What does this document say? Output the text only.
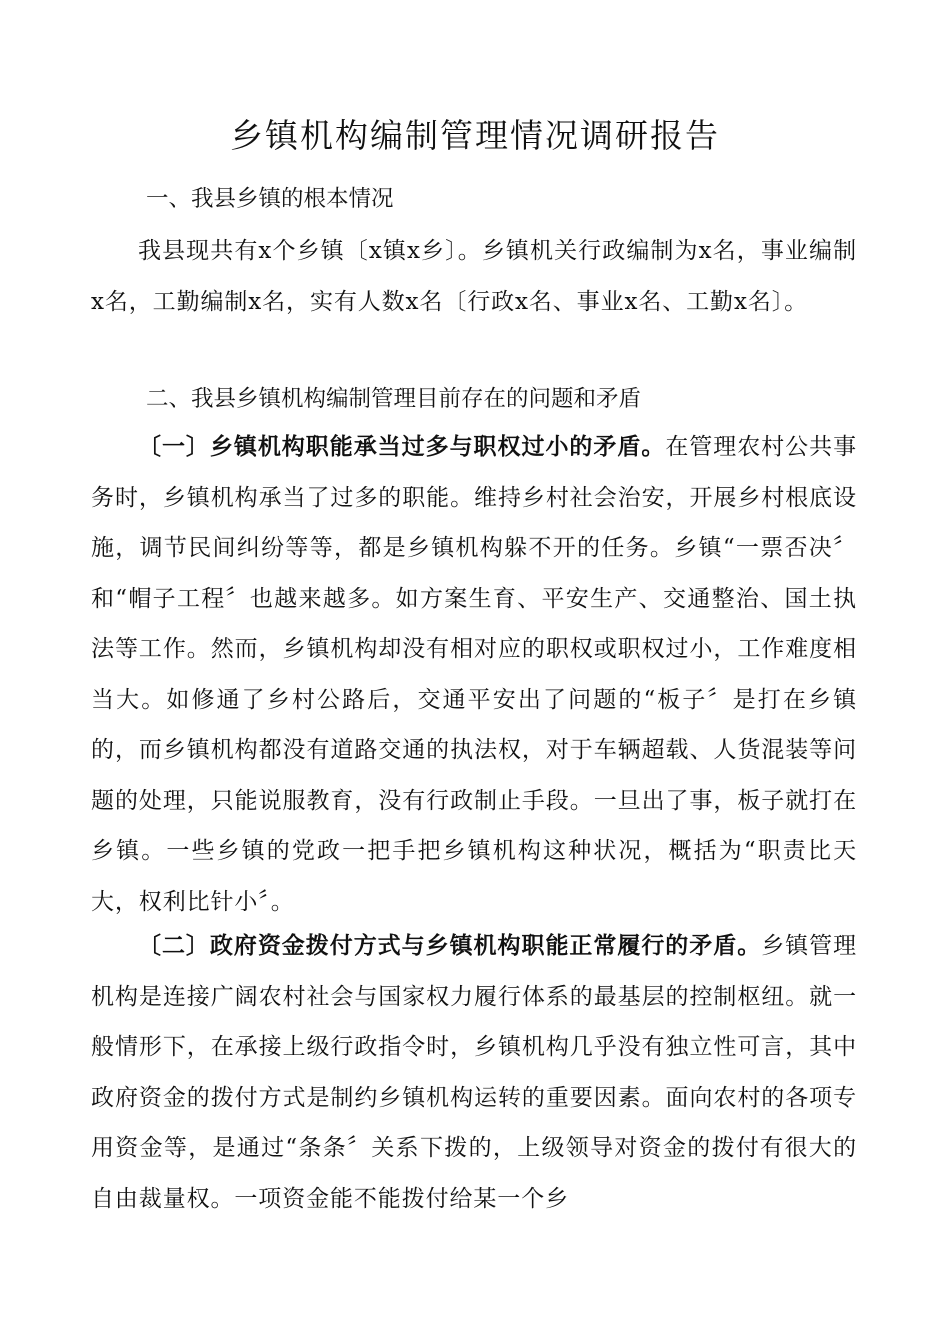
乡镇机构编制管理情况调研报告
一、我县乡镇的根本情况

我县现共有x个乡镇〔x镇x乡〕。乡镇机关行政编制为x名，事业编制x名，工勤编制x名，实有人数x名〔行政x名、事业x名、工勤x名〕。

二、我县乡镇机构编制管理目前存在的问题和矛盾

〔一〕乡镇机构职能承当过多与职权过小的矛盾。在管理农村公共事务时，乡镇机构承当了过多的职能。维持乡村社会治安，开展乡村根底设施，调节民间纠纷等等，都是乡镇机构躲不开的任务。乡镇“一票否决〞和“帽子工程〞也越来越多。如方案生育、平安生产、交通整治、国土执法等工作。然而，乡镇机构却没有相对应的职权或职权过小，工作难度相当大。如修通了乡村公路后，交通平安出了问题的“板子〞是打在乡镇的，而乡镇机构都没有道路交通的执法权，对于车辆超载、人货混装等问题的处理，只能说服教育，没有行政制止手段。一旦出了事，板子就打在乡镇。一些乡镇的党政一把手把乡镇机构这种状况，概括为“职责比天大，权利比针小〞。

〔二〕政府资金拨付方式与乡镇机构职能正常履行的矛盾。乡镇管理机构是连接广阔农村社会与国家权力履行体系的最基层的控制枢纽。就一般情形下，在承接上级行政指令时，乡镇机构几乎没有独立性可言，其中政府资金的拨付方式是制约乡镇机构运转的重要因素。面向农村的各项专用资金等，是通过“条条〞关系下拨的，上级领导对资金的拨付有很大的自由裁量权。一项资金能不能拨付给某一个乡
